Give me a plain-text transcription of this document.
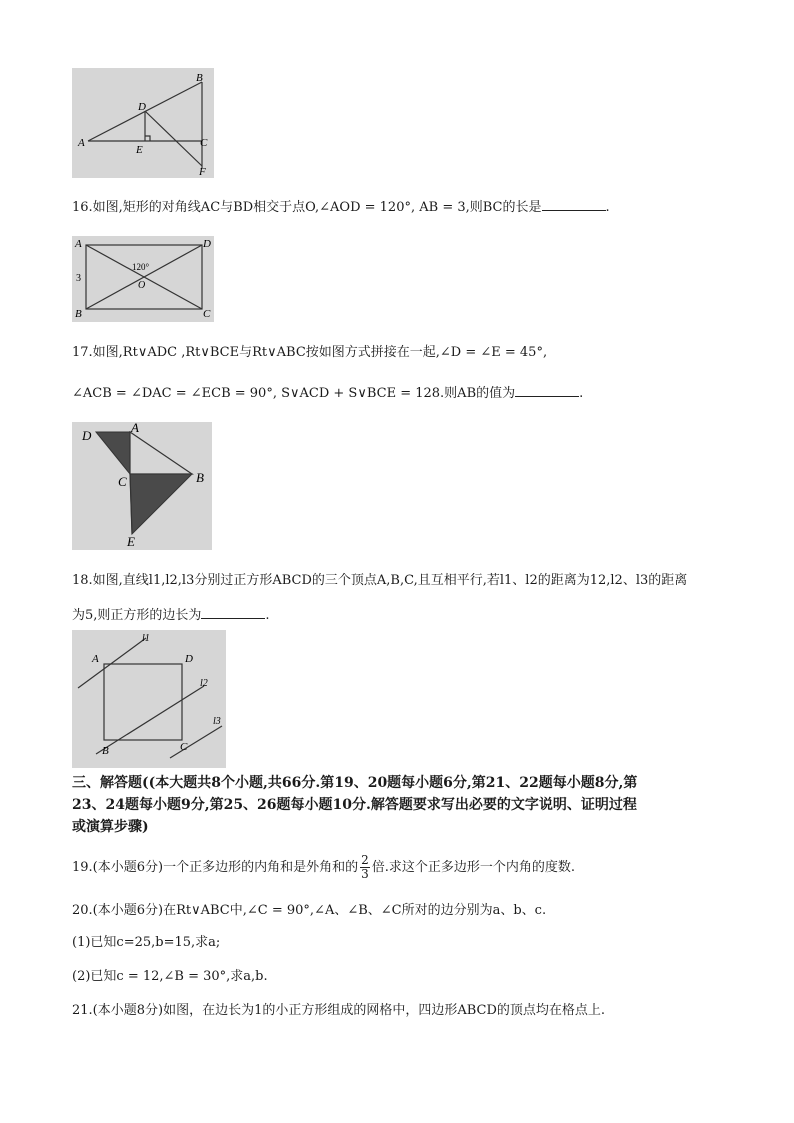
A
B
C
D
E
F
16.如图,矩形的对角线AC与BD相交于点O,∠AOD = 120°, AB = 3,则BC的长是	.
A	D
B	C
O
3
120°
17.如图,Rt∨ADC ,Rt∨BCE与Rt∨ABC按如图方式拼接在一起,∠D = ∠E = 45°,
∠ACB = ∠DAC = ∠ECB = 90°, S∨ACD + S∨BCE = 128.则AB的值为	.
D
A
C	B
E
18.如图,直线l1,l2,l3分别过正方形ABCD的三个顶点A,B,C,且互相平行,若l1、l2的距离为12,l2、l3的距离
为5,则正方形的边长为	.
A	D
B	C
l1
l2
l3
三、解答题((本大题共8个小题,共66分.第19、20题每小题6分,第21、22题每小题8分,第
23、24题每小题9分,第25、26题每小题10分.解答题要求写出必要的文字说明、证明过程
或演算步骤)
19.(本小题6分)一个正多边形的内角和是外角和的 $\frac{2}{3}$ 倍.求这个正多边形一个内角的度数.
20.(本小题6分)在Rt∨ABC中,∠C = 90°,∠A、∠B、∠C所对的边分别为a、b、c.
(1)已知c=25,b=15,求a;
(2)已知c = 12,∠B = 30°,求a,b.
21.(本小题8分)如图，在边长为1的小正方形组成的网格中，四边形ABCD的顶点均在格点上.
